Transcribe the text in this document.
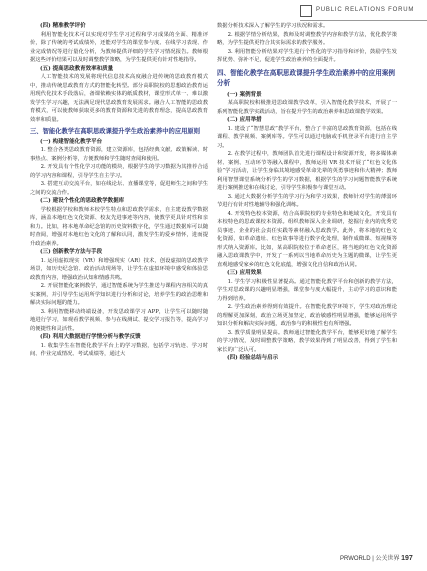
PUBLIC RELATIONS FORUM

(四) 精准教学评价

利用智能化技术可以实现对学生学习过程和学习成果的全面、精准评价，除了传统的考试成绩外，还能对学生的课堂参与度、在线学习表现、作业完成情况等进行量化分析，为教师提供详细的学生学习情况报告。教师根据这些评价结果可以及时调整教学策略，为学生提供更有针对性地指导。

(五) 提高思政教育效率和质量

人工智能技术的发展将现代信息技术高度融合进传统的思政教育模式中，推动传统思政教育方式的智能化转型。部分高职院校的思想政治教育运用现代化技术手段落后，备课依赖实体的纸质教材，课堂形式单一、难以激发学生学习兴趣，无法满足现代思政教育发展需求。融合人工智能的思政教育模式，可以使教师获取更多的教育资源和先进的教育理念，提高思政教育效率和质量。

三、智能化教学在高职思政课提升学生政治素养中的应用原则

(一) 构建智能化教学平台

1. 整合各类思政教育资源，建立资源库，包括经典文献、政策解读、时事热点、案例分析等，方便教师和学生随时查阅和使用。

2. 开发具有个性化学习功能的模块，根据学生的学习数据为其推荐合适的学习内容和课程，引导学生自主学习。

3. 搭建互动交流平台，如在线论坛、直播课堂等，促进师生之间和学生之间的交流合作。

(二) 建设个性化的思政教学数据库

学校根据学校和教师本校学生特点和思政教学需求，自主建设教学数据库，涵盖本地红色文化资源、校友先进事迹等内容，使教学更具针对性和亲和力。比如，将本地革命纪念馆的历史资料数字化，学生通过数据库可以随时查阅，增强对本地红色文化的了解和认同，激发学生的爱乡情怀，进而提升政治素养。

(三) 创新教学方法与手段

1. 运用虚拟现实（VR）和增强现实（AR）技术，创设虚拟的思政教学场景，如历史纪念馆、政治活动现场等，让学生在虚拟环境中感受和体验思政教育内容，增强政治认知和情感共鸣。

2. 开展智能化案例教学，通过智能系统为学生推送与课程内容相关的真实案例，并引导学生运用所学知识进行分析和讨论，培养学生的政治思维和解决实际问题的能力。

3. 利用智能移动终端设备，开发思政课学习 APP，让学生可以随时随地进行学习，如观看教学视频、参与在线测试、提交学习报告等，提高学习的便捷性和灵活性。

(四) 利用大数据进行学情分析与教学反馈

1. 收集学生在智能化教学平台上的学习数据，包括学习轨迹、学习时间、作业完成情况、考试成绩等，通过大

数据分析技术深入了解学生的学习状况和需求。

2. 根据学情分析结果，教师及时调整教学内容和教学方法，优化教学策略，为学生提供更符合其实际需求的教学服务。

3. 利用智能分析结果对学生进行个性化的学习指导和评价，鼓励学生发挥优势、弥补不足，促进学生政治素养的全面提升。

四、智能化教学在高职思政课提升学生政治素养中的应用案例分析

(一) 案例背景

某高职院校积极推进思政课教学改革，引入智能化教学技术，开展了一系列智能化教学实践活动，旨在提升学生的政治素养和思政课教学效果。

(二) 应用举措

1. 建设了“智慧思政”教学平台，整合了丰富的思政教育资源，包括在线课程、教学视频、案例库等。学生可以通过电脑或手机登录平台进行自主学习。

2. 在教学过程中，教师团队首先进行课程设计和资源开发，将多媒体素材、案例、互动环节等融入课程中，教师运用 VR 技术开展了“红色文化体验”学习活动，让学生身临其境地感受革命先辈的英勇事迹和伟大精神；教师利用智慧课堂系统分析学生的学习数据，根据学生的学习问题智能教学系统进行案例推送和在线讨论，引导学生积极参与课堂互动。

3. 通过大数据分析学生的学习行为和学习效果，教师针对学生的薄弱环节进行有针对性地辅导和强化训练。

4. 开发特色校本资源，结合高职院校的专业特色和地域文化，开发具有本校特色的思政课校本资源。组织教师深入企业调研，挖掘行业内的优秀党员事迹、企业的社会责任实践等素材融入思政教学。此外，将本地的红色文化资源，如革命遗址、红色故事等进行数字化处理，制作成微课、短视频等形式纳入资源库。比如，某高职院校位于革命老区，将当地的红色文化资源融入思政课教学中，开发了一系列以当地革命历史为主题的微课，让学生更直观地感受家乡的红色文化底蕴，增强文化自信和政治认同。

(三) 应用效果

1. 学生学习积极性显著提高。通过智能化教学平台和创新的教学方法，学生对思政课的兴趣明显增强，课堂参与度大幅提升，主动学习的意识和能力得到培养。

2. 学生政治素养得到有效提升。在智能化教学环境下，学生对政治理论的理解更加深刻，政治立场更加坚定，政治敏感性明显增强，能够运用所学知识分析和解决实际问题，政治参与的积极性也有所增强。

3. 教学质量明显提高。教师通过智能化教学平台，能够更好地了解学生的学习情况，及时调整教学策略，教学效果得到了明显改善，得到了学生和家长的广泛认可。

(四) 经验总结与启示

PRWORLD | 公关世界 197
